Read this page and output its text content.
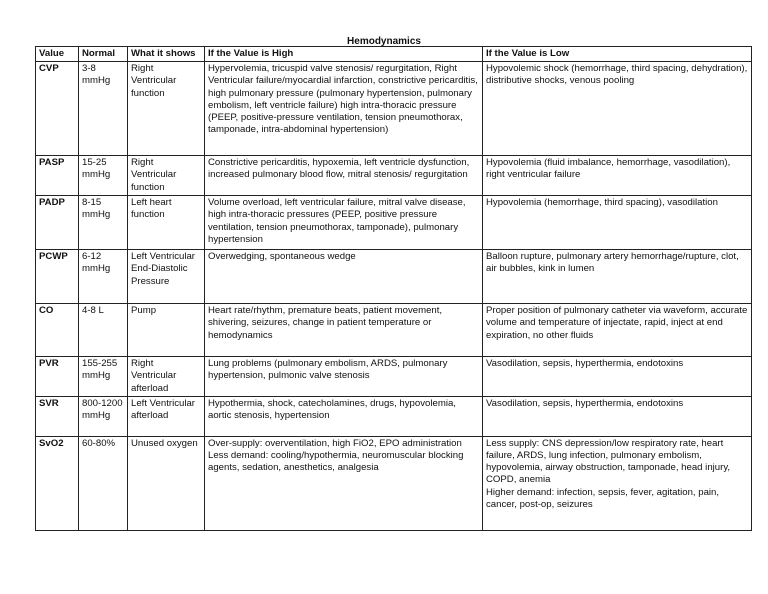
Hemodynamics
Value	Normal	What it shows	If the Value is High	If the Value is Low
CVP	3-8 mmHg	Right Ventricular function	Hypervolemia, tricuspid valve stenosis/ regurgitation, Right Ventricular failure/myocardial infarction, constrictive pericarditis, high pulmonary pressure (pulmonary hypertension, pulmonary embolism, left ventricle failure) high intra-thoracic pressure (PEEP, positive-pressure ventilation, tension pneumothorax, tamponade, intra-abdominal hypertension)	Hypovolemic shock (hemorrhage, third spacing, dehydration), distributive shocks, venous pooling

PASP	15-25 mmHg	Right Ventricular function	Constrictive pericarditis, hypoxemia, left ventricle dysfunction, increased pulmonary blood flow, mitral stenosis/ regurgitation	Hypovolemia (fluid imbalance, hemorrhage, vasodilation), right ventricular failure

PADP	8-15 mmHg	Left heart function	Volume overload, left ventricular failure, mitral valve disease, high intra-thoracic pressures (PEEP, positive pressure ventilation, tension pneumothorax, tamponade), pulmonary hypertension	Hypovolemia (hemorrhage, third spacing), vasodilation

PCWP	6-12 mmHg	Left Ventricular End-Diastolic Pressure	Overwedging, spontaneous wedge	Balloon rupture, pulmonary artery hemorrhage/rupture, clot, air bubbles, kink in lumen

CO	4-8 L	Pump	Heart rate/rhythm, premature beats, patient movement, shivering, seizures, change in patient temperature or hemodynamics	Proper position of pulmonary catheter via waveform, accurate volume and temperature of injectate, rapid, inject at end expiration, no other fluids

PVR	155-255 mmHg	Right Ventricular afterload	Lung problems (pulmonary embolism, ARDS, pulmonary hypertension, pulmonic valve stenosis	Vasodilation, sepsis, hyperthermia, endotoxins

SVR	800-1200 mmHg	Left Ventricular afterload	Hypothermia, shock, catecholamines, drugs, hypovolemia, aortic stenosis, hypertension	Vasodilation, sepsis, hyperthermia, endotoxins

SvO2	60-80%	Unused oxygen	Over-supply: overventilation, high FiO2, EPO administration
Less demand: cooling/hypothermia, neuromuscular blocking agents, sedation, anesthetics, analgesia	Less supply: CNS depression/low respiratory rate, heart failure, ARDS, lung infection, pulmonary embolism, hypovolemia, airway obstruction, tamponade, head injury, COPD, anemia
Higher demand: infection, sepsis, fever, agitation, pain, cancer, post-op, seizures
